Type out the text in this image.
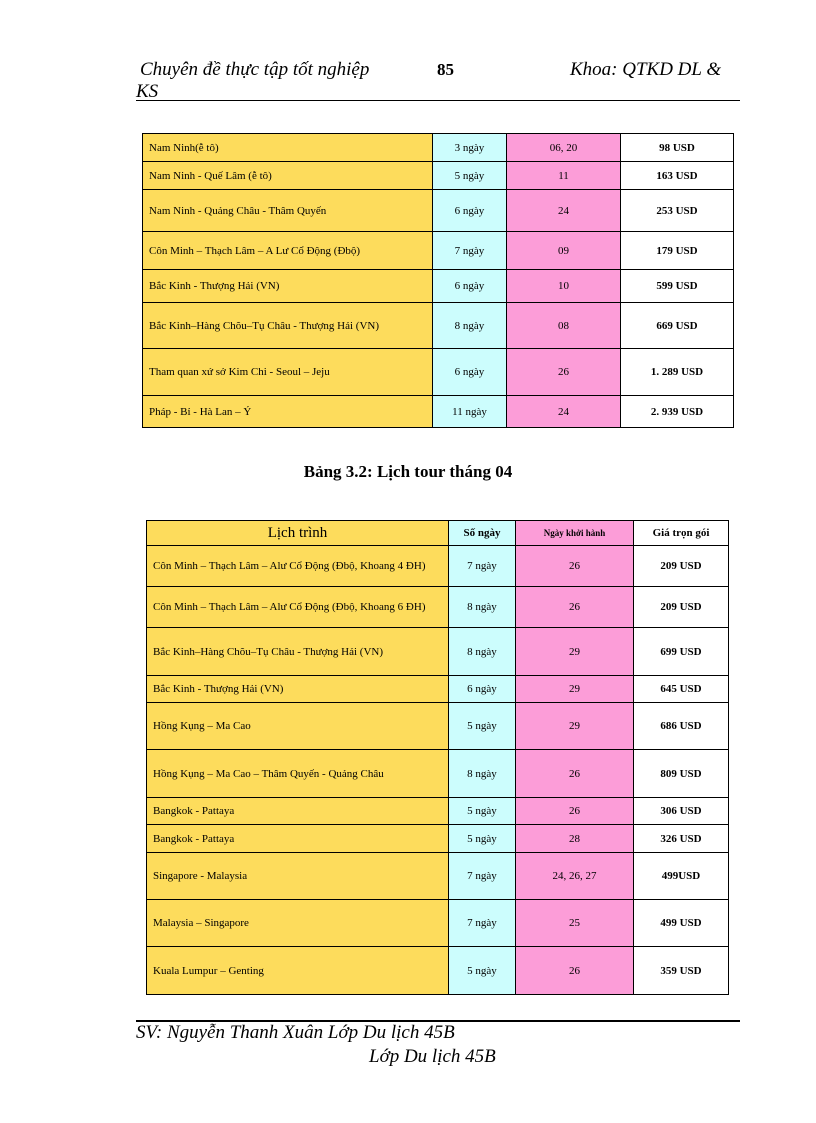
Chuyên đề thực tập tốt nghiệp	85	Khoa: QTKD DL &
KS
Nam Ninh(ễ tô)	3 ngày	06, 20	98 USD
Nam Ninh - Quế Lâm (ễ tô)	5 ngày	11	163 USD
Nam Ninh - Quảng Châu - Thâm Quyến	6 ngày	24	253 USD
Côn Minh – Thạch Lâm – A Lư Cổ Động (Đbộ)	7 ngày	09	179 USD
Bắc Kinh - Thượng Hải (VN)	6 ngày	10	599 USD
Bắc Kinh–Hàng Chõu–Tụ Châu - Thượng Hải (VN)	8 ngày	08	669 USD
Tham quan xứ sở Kim Chi - Seoul – Jeju	6 ngày	26	1. 289 USD
Pháp - Bỉ - Hà Lan – Ý	11 ngày	24	2. 939 USD
Bảng 3.2: Lịch tour tháng 04
Lịch trình	Số ngày	Ngày khởi hành	Giá trọn gói
Côn Minh – Thạch Lâm – Alư Cổ Động (Đbộ, Khoang 4 ĐH)	7 ngày	26	209 USD
Côn Minh – Thạch Lâm – Alư Cổ Động (Đbộ, Khoang 6 ĐH)	8 ngày	26	209 USD
Bắc Kinh–Hàng Chõu–Tụ Châu - Thượng Hải (VN)	8 ngày	29	699 USD
Bắc Kinh - Thượng Hải (VN)	6 ngày	29	645 USD
Hồng Kụng – Ma Cao	5 ngày	29	686 USD
Hồng Kụng – Ma Cao – Thâm Quyến - Quảng Châu	8 ngày	26	809 USD
Bangkok - Pattaya	5 ngày	26	306 USD
Bangkok - Pattaya	5 ngày	28	326 USD
Singapore - Malaysia	7 ngày	24, 26, 27	499USD
Malaysia – Singapore	7 ngày	25	499 USD
Kuala Lumpur – Genting	5 ngày	26	359 USD
SV: Nguyễn Thanh Xuân Lớp Du lịch 45B
Lớp Du lịch 45B
